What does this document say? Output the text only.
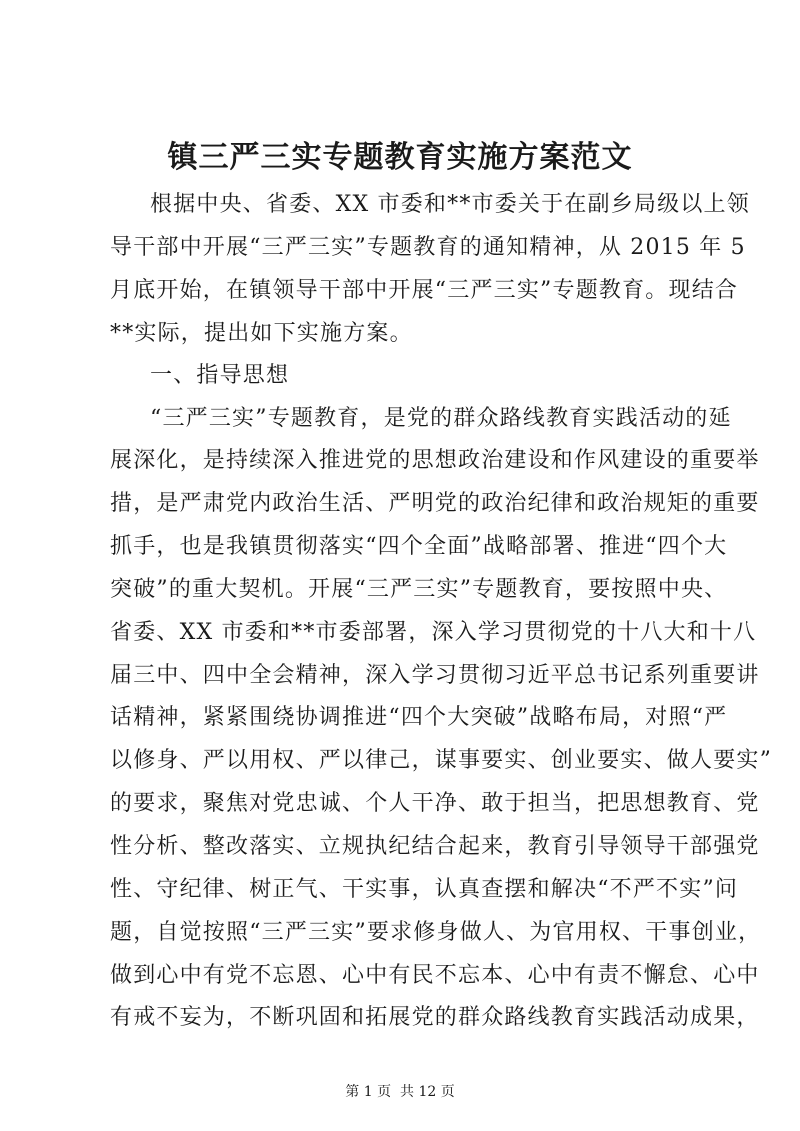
镇三严三实专题教育实施方案范文
根据中央、省委、XX 市委和**市委关于在副乡局级以上领
导干部中开展“三严三实”专题教育的通知精神，从 2015 年 5
月底开始，在镇领导干部中开展“三严三实”专题教育。现结合
**实际，提出如下实施方案。
一、指导思想
“三严三实”专题教育，是党的群众路线教育实践活动的延
展深化，是持续深入推进党的思想政治建设和作风建设的重要举
措，是严肃党内政治生活、严明党的政治纪律和政治规矩的重要
抓手，也是我镇贯彻落实“四个全面”战略部署、推进“四个大
突破”的重大契机。开展“三严三实”专题教育，要按照中央、
省委、XX 市委和**市委部署，深入学习贯彻党的十八大和十八
届三中、四中全会精神，深入学习贯彻习近平总书记系列重要讲
话精神，紧紧围绕协调推进“四个大突破”战略布局，对照“严
以修身、严以用权、严以律己，谋事要实、创业要实、做人要实”
的要求，聚焦对党忠诚、个人干净、敢于担当，把思想教育、党
性分析、整改落实、立规执纪结合起来，教育引导领导干部强党
性、守纪律、树正气、干实事，认真查摆和解决“不严不实”问
题，自觉按照“三严三实”要求修身做人、为官用权、干事创业，
做到心中有党不忘恩、心中有民不忘本、心中有责不懈怠、心中
有戒不妄为，不断巩固和拓展党的群众路线教育实践活动成果，
第 1 页  共 12 页
